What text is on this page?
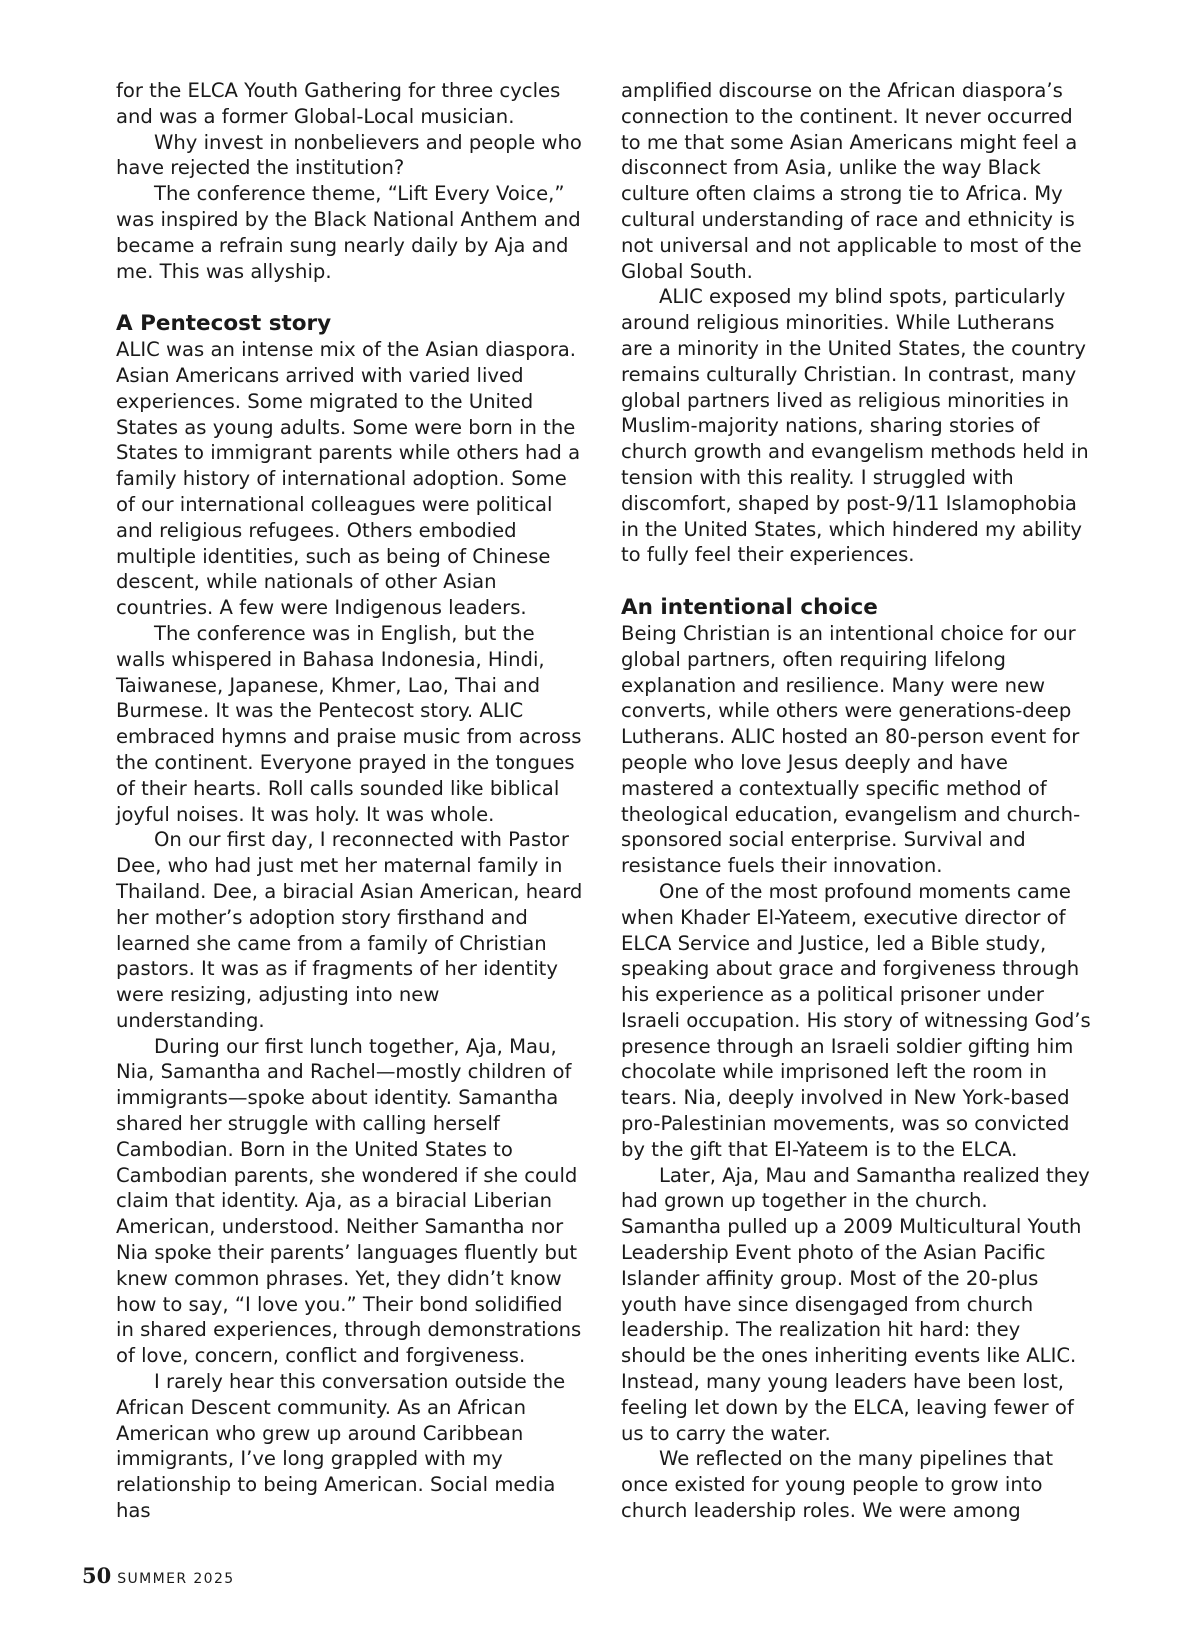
for the ELCA Youth Gathering for three cycles and was a former Global-Local musician.

Why invest in nonbelievers and people who have rejected the institution?

The conference theme, “Lift Every Voice,” was inspired by the Black National Anthem and became a refrain sung nearly daily by Aja and me. This was allyship.

A Pentecost story

ALIC was an intense mix of the Asian diaspora. Asian Americans arrived with varied lived experiences. Some migrated to the United States as young adults. Some were born in the States to immigrant parents while others had a family history of international adoption. Some of our international colleagues were political and religious refugees. Others embodied multiple identities, such as being of Chinese descent, while nationals of other Asian countries. A few were Indigenous leaders.

The conference was in English, but the walls whispered in Bahasa Indonesia, Hindi, Taiwanese, Japanese, Khmer, Lao, Thai and Burmese. It was the Pentecost story. ALIC embraced hymns and praise music from across the continent. Everyone prayed in the tongues of their hearts. Roll calls sounded like biblical joyful noises. It was holy. It was whole.

On our first day, I reconnected with Pastor Dee, who had just met her maternal family in Thailand. Dee, a biracial Asian American, heard her mother’s adoption story firsthand and learned she came from a family of Christian pastors. It was as if fragments of her identity were resizing, adjusting into new understanding.

During our first lunch together, Aja, Mau, Nia, Samantha and Rachel—mostly children of immigrants—spoke about identity. Samantha shared her struggle with calling herself Cambodian. Born in the United States to Cambodian parents, she wondered if she could claim that identity. Aja, as a biracial Liberian American, understood. Neither Samantha nor Nia spoke their parents’ languages fluently but knew common phrases. Yet, they didn’t know how to say, “I love you.” Their bond solidified in shared experiences, through demonstrations of love, concern, conflict and forgiveness.

I rarely hear this conversation outside the African Descent community. As an African American who grew up around Caribbean immigrants, I’ve long grappled with my relationship to being American. Social media has

amplified discourse on the African diaspora’s connection to the continent. It never occurred to me that some Asian Americans might feel a disconnect from Asia, unlike the way Black culture often claims a strong tie to Africa. My cultural understanding of race and ethnicity is not universal and not applicable to most of the Global South.

ALIC exposed my blind spots, particularly around religious minorities. While Lutherans are a minority in the United States, the country remains culturally Christian. In contrast, many global partners lived as religious minorities in Muslim-majority nations, sharing stories of church growth and evangelism methods held in tension with this reality. I struggled with discomfort, shaped by post-9/11 Islamophobia in the United States, which hindered my ability to fully feel their experiences.

An intentional choice

Being Christian is an intentional choice for our global partners, often requiring lifelong explanation and resilience. Many were new converts, while others were generations-deep Lutherans. ALIC hosted an 80-person event for people who love Jesus deeply and have mastered a contextually specific method of theological education, evangelism and church-sponsored social enterprise. Survival and resistance fuels their innovation.

One of the most profound moments came when Khader El-Yateem, executive director of ELCA Service and Justice, led a Bible study, speaking about grace and forgiveness through his experience as a political prisoner under Israeli occupation. His story of witnessing God’s presence through an Israeli soldier gifting him chocolate while imprisoned left the room in tears. Nia, deeply involved in New York-based pro-Palestinian movements, was so convicted by the gift that El-Yateem is to the ELCA.

Later, Aja, Mau and Samantha realized they had grown up together in the church. Samantha pulled up a 2009 Multicultural Youth Leadership Event photo of the Asian Pacific Islander affinity group. Most of the 20-plus youth have since disengaged from church leadership. The realization hit hard: they should be the ones inheriting events like ALIC. Instead, many young leaders have been lost, feeling let down by the ELCA, leaving fewer of us to carry the water.

We reflected on the many pipelines that once existed for young people to grow into church leadership roles. We were among

50 SUMMER 2025
